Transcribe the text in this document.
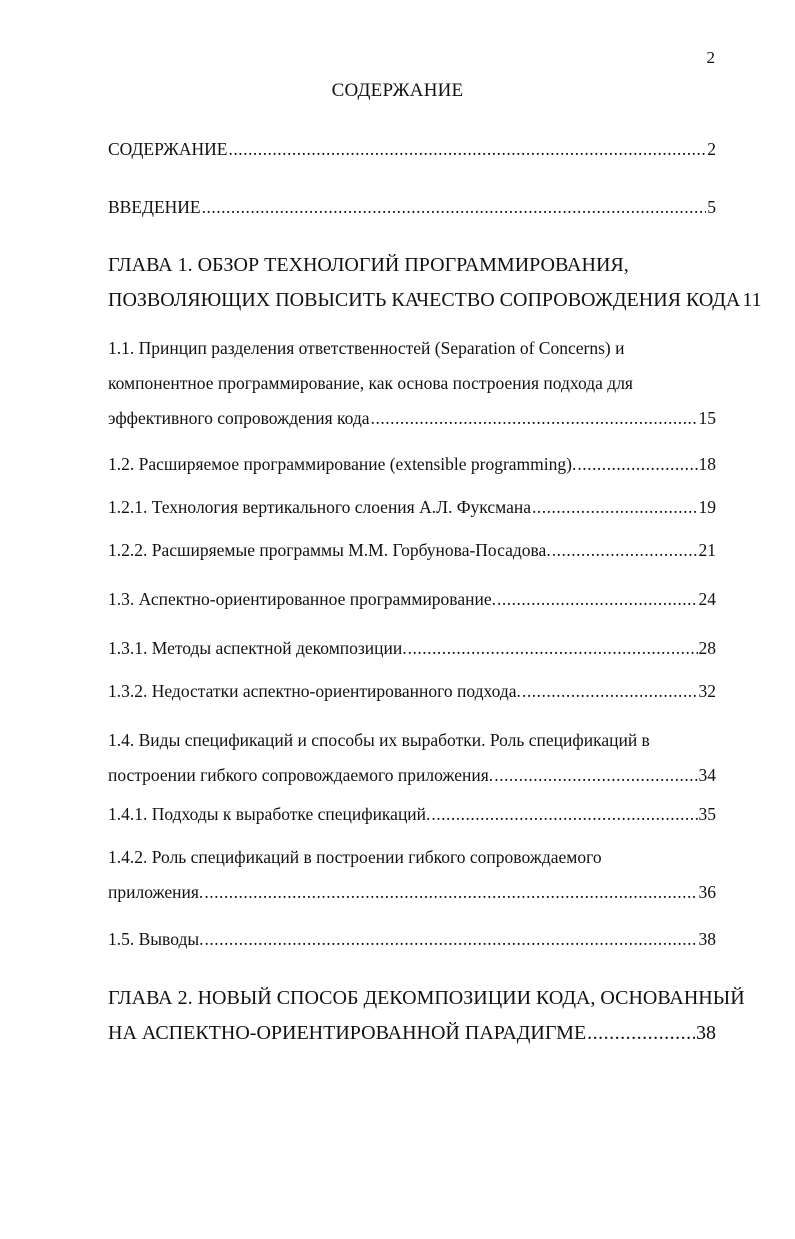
2
СОДЕРЖАНИЕ
СОДЕРЖАНИЕ .....	2
ВВЕДЕНИЕ .....	5
ГЛАВА 1. ОБЗОР ТЕХНОЛОГИЙ ПРОГРАММИРОВАНИЯ,
ПОЗВОЛЯЮЩИХ ПОВЫСИТЬ КАЧЕСТВО СОПРОВОЖДЕНИЯ КОДА 11
1.1. Принцип разделения ответственностей (Separation of Concerns) и
компонентное программирование, как основа построения подхода для
эффективного сопровождения кода .....	15
1.2. Расширяемое программирование (extensible programming). .....	18
1.2.1. Технология вертикального слоения А.Л. Фуксмана .....	19
1.2.2. Расширяемые программы М.М. Горбунова-Посадова. .....	21
1.3. Аспектно-ориентированное программирование. .....	24
1.3.1. Методы аспектной декомпозиции. .....	28
1.3.2. Недостатки аспектно-ориентированного подхода. .....	32
1.4. Виды спецификаций и способы их выработки. Роль спецификаций в
построении гибкого сопровождаемого приложения. .....	34
1.4.1. Подходы к выработке спецификаций. .....	35
1.4.2. Роль спецификаций в построении гибкого сопровождаемого
приложения. .....	36
1.5. Выводы. .....	38
ГЛАВА 2. НОВЫЙ СПОСОБ ДЕКОМПОЗИЦИИ КОДА, ОСНОВАННЫЙ
НА АСПЕКТНО-ОРИЕНТИРОВАННОЙ ПАРАДИГМЕ .....	38
